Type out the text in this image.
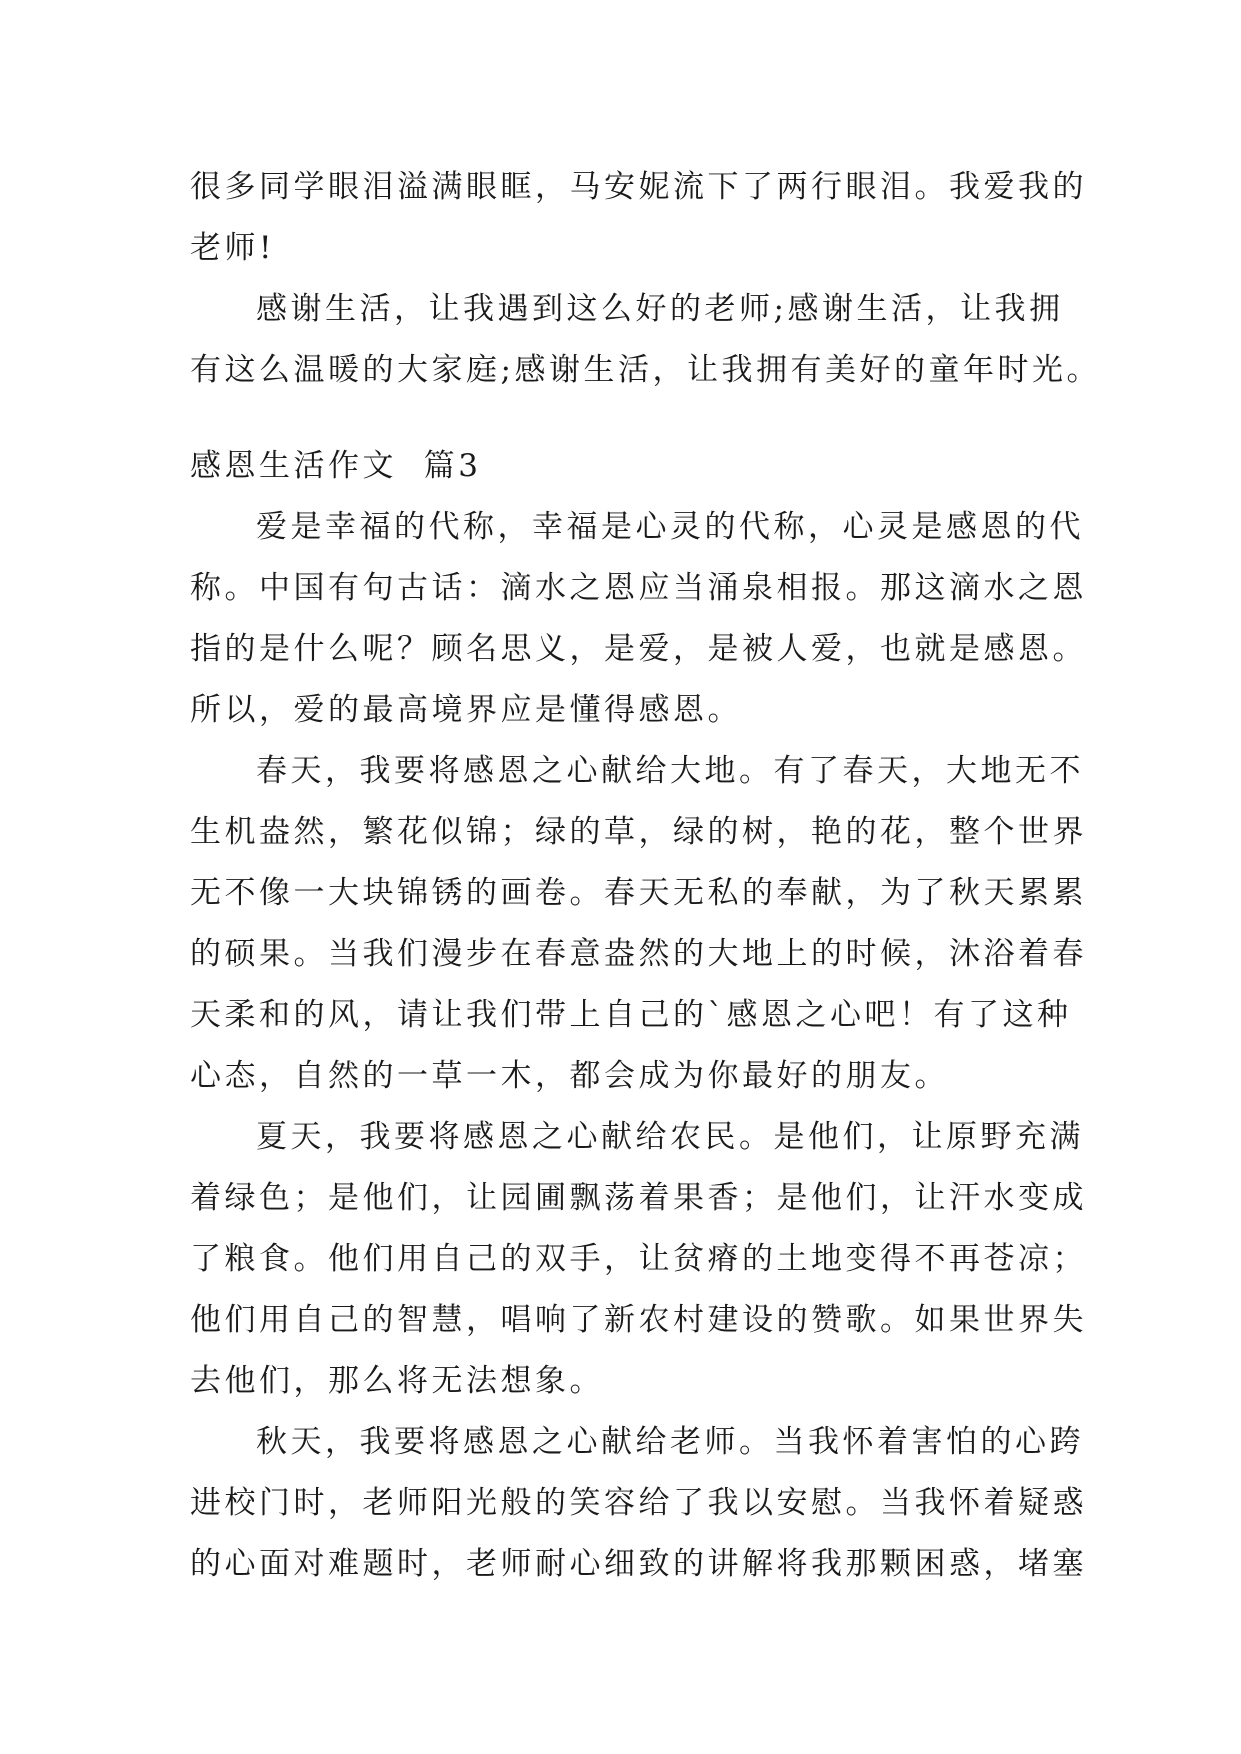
很多同学眼泪溢满眼眶，马安妮流下了两行眼泪。我爱我的
老师!
感谢生活，让我遇到这么好的老师;感谢生活，让我拥
有这么温暖的大家庭;感谢生活，让我拥有美好的童年时光。
感恩生活作文  篇3
爱是幸福的代称，幸福是心灵的代称，心灵是感恩的代
称。中国有句古话：滴水之恩应当涌泉相报。那这滴水之恩
指的是什么呢？顾名思义，是爱，是被人爱，也就是感恩。
所以，爱的最高境界应是懂得感恩。
春天，我要将感恩之心献给大地。有了春天，大地无不
生机盎然，繁花似锦；绿的草，绿的树，艳的花，整个世界
无不像一大块锦锈的画卷。春天无私的奉献，为了秋天累累
的硕果。当我们漫步在春意盎然的大地上的时候，沐浴着春
天柔和的风，请让我们带上自己的`感恩之心吧！有了这种
心态，自然的一草一木，都会成为你最好的朋友。
夏天，我要将感恩之心献给农民。是他们，让原野充满
着绿色；是他们，让园圃飘荡着果香；是他们，让汗水变成
了粮食。他们用自己的双手，让贫瘠的土地变得不再苍凉；
他们用自己的智慧，唱响了新农村建设的赞歌。如果世界失
去他们，那么将无法想象。
秋天，我要将感恩之心献给老师。当我怀着害怕的心跨
进校门时，老师阳光般的笑容给了我以安慰。当我怀着疑惑
的心面对难题时，老师耐心细致的讲解将我那颗困惑，堵塞
